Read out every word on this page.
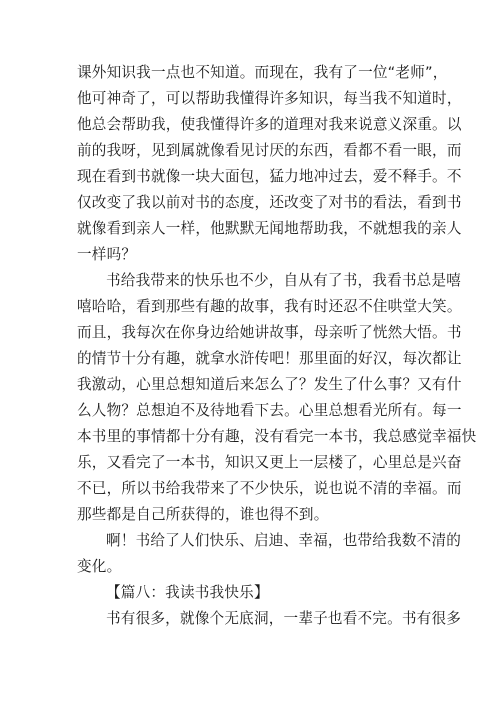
课外知识我一点也不知道。而现在，我有了一位“老师”，
他可神奇了，可以帮助我懂得许多知识，每当我不知道时，
他总会帮助我，使我懂得许多的道理对我来说意义深重。以
前的我呀，见到属就像看见讨厌的东西，看都不看一眼，而
现在看到书就像一块大面包，猛力地冲过去，爱不释手。不
仅改变了我以前对书的态度，还改变了对书的看法，看到书
就像看到亲人一样，他默默无闻地帮助我，不就想我的亲人
一样吗？
书给我带来的快乐也不少，自从有了书，我看书总是嘻
嘻哈哈，看到那些有趣的故事，我有时还忍不住哄堂大笑。
而且，我每次在你身边给她讲故事，母亲听了恍然大悟。书
的情节十分有趣，就拿水浒传吧！那里面的好汉，每次都让
我激动，心里总想知道后来怎么了？发生了什么事？又有什
么人物？总想迫不及待地看下去。心里总想看光所有。每一
本书里的事情都十分有趣，没有看完一本书，我总感觉幸福快
乐，又看完了一本书，知识又更上一层楼了，心里总是兴奋
不已，所以书给我带来了不少快乐，说也说不清的幸福。而
那些都是自己所获得的，谁也得不到。
啊！书给了人们快乐、启迪、幸福，也带给我数不清的
变化。
【篇八：我读书我快乐】
书有很多，就像个无底洞，一辈子也看不完。书有很多
